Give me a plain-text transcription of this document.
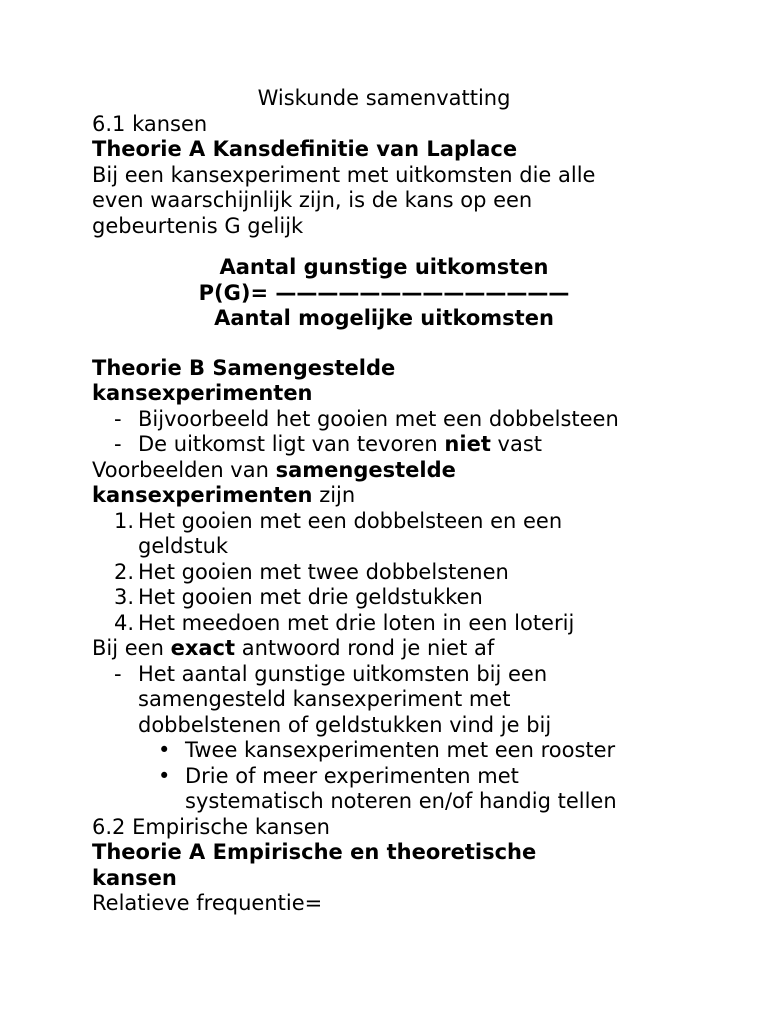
Wiskunde samenvatting
6.1 kansen
Theorie A Kansdefinitie van Laplace
Bij een kansexperiment met uitkomsten die alle
even waarschijnlijk zijn, is de kans op een
gebeurtenis G gelijk
Aantal gunstige uitkomsten
P(G)= ——————————————
Aantal mogelijke uitkomsten
Theorie B Samengestelde
kansexperimenten
- Bijvoorbeeld het gooien met een dobbelsteen
- De uitkomst ligt van tevoren niet vast
Voorbeelden van samengestelde
kansexperimenten zijn
1. Het gooien met een dobbelsteen en een
geldstuk
2. Het gooien met twee dobbelstenen
3. Het gooien met drie geldstukken
4. Het meedoen met drie loten in een loterij
Bij een exact antwoord rond je niet af
- Het aantal gunstige uitkomsten bij een
samengesteld kansexperiment met
dobbelstenen of geldstukken vind je bij
• Twee kansexperimenten met een rooster
• Drie of meer experimenten met
systematisch noteren en/of handig tellen
6.2 Empirische kansen
Theorie A Empirische en theoretische
kansen
Relatieve frequentie=
